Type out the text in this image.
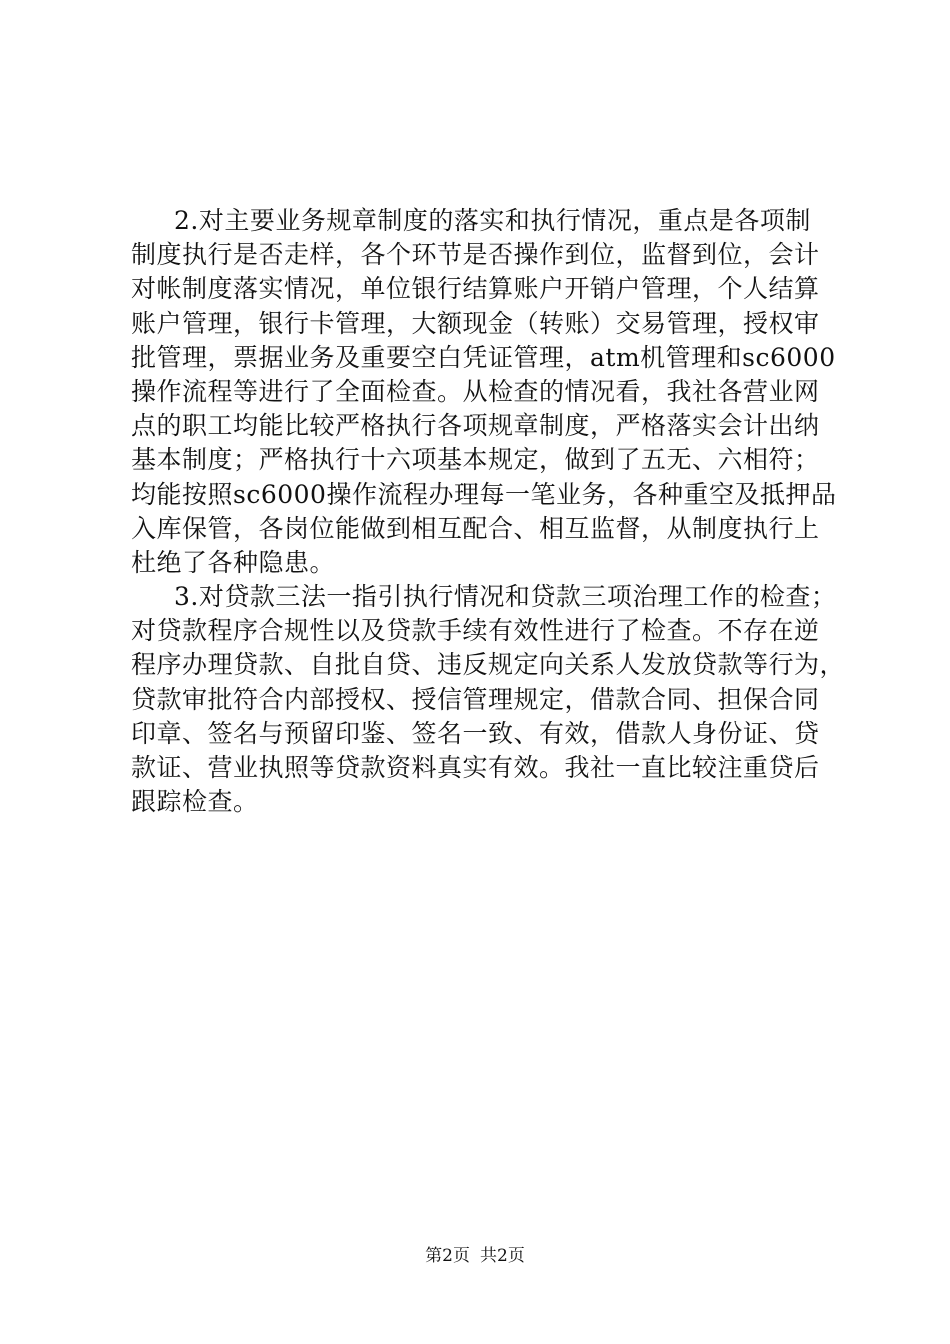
2.对主要业务规章制度的落实和执行情况，重点是各项制
制度执行是否走样，各个环节是否操作到位，监督到位，会计
对帐制度落实情况，单位银行结算账户开销户管理，个人结算
账户管理，银行卡管理，大额现金（转账）交易管理，授权审
批管理，票据业务及重要空白凭证管理，atm机管理和sc6000
操作流程等进行了全面检查。从检查的情况看，我社各营业网
点的职工均能比较严格执行各项规章制度，严格落实会计出纳
基本制度；严格执行十六项基本规定，做到了五无、六相符；
均能按照sc6000操作流程办理每一笔业务，各种重空及抵押品
入库保管，各岗位能做到相互配合、相互监督，从制度执行上
杜绝了各种隐患。
3.对贷款三法一指引执行情况和贷款三项治理工作的检查；
对贷款程序合规性以及贷款手续有效性进行了检查。不存在逆
程序办理贷款、自批自贷、违反规定向关系人发放贷款等行为，
贷款审批符合内部授权、授信管理规定，借款合同、担保合同
印章、签名与预留印鉴、签名一致、有效，借款人身份证、贷
款证、营业执照等贷款资料真实有效。我社一直比较注重贷后
跟踪检查。
第2页 共2页
